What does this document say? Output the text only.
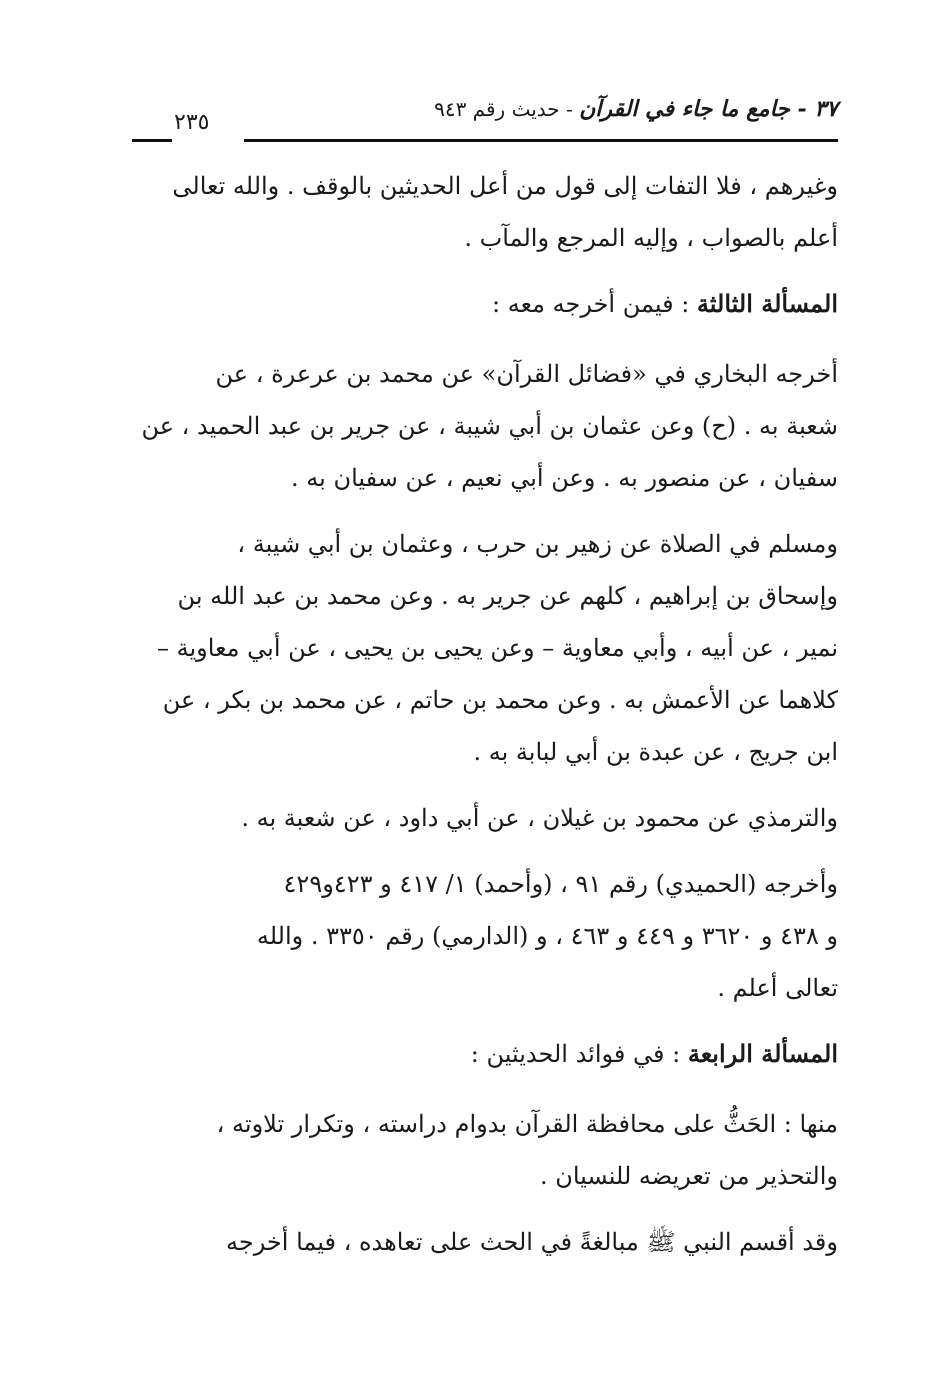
٣٧ - جامع ما جاء في القرآن - حديث رقم ٩٤٣
٢٣٥
وغيرهم ، فلا التفات إلى قول من أعل الحديثين بالوقف . والله تعالى
أعلم بالصواب ، وإليه المرجع والمآب .
المسألة الثالثة : فيمن أخرجه معه :
أخرجه البخاري في «فضائل القرآن» عن محمد بن عرعرة ، عن
شعبة به . (ح) وعن عثمان بن أبي شيبة ، عن جرير بن عبد الحميد ، عن
سفيان ، عن منصور به . وعن أبي نعيم ، عن سفيان به .
ومسلم في الصلاة عن زهير بن حرب ، وعثمان بن أبي شيبة ،
وإسحاق بن إبراهيم ، كلهم عن جرير به . وعن محمد بن عبد الله بن
نمير ، عن أبيه ، وأبي معاوية – وعن يحيى بن يحيى ، عن أبي معاوية –
كلاهما عن الأعمش به . وعن محمد بن حاتم ، عن محمد بن بكر ، عن
ابن جريج ، عن عبدة بن أبي لبابة به .
والترمذي عن محمود بن غيلان ، عن أبي داود ، عن شعبة به .
وأخرجه (الحميدي) رقم ٩١ ، (وأحمد) ١/ ٤١٧ و ٤٢٣و٤٢٩
و ٤٣٨ و ٣٦٢٠ و ٤٤٩ و ٤٦٣ ، و (الدارمي) رقم ٣٣٥٠ . والله
تعالى أعلم .
المسألة الرابعة : في فوائد الحديثين :
منها : الحَثُّ على محافظة القرآن بدوام دراسته ، وتكرار تلاوته ،
والتحذير من تعريضه للنسيان .
وقد أقسم النبي ﷺ مبالغةً في الحث على تعاهده ، فيما أخرجه
